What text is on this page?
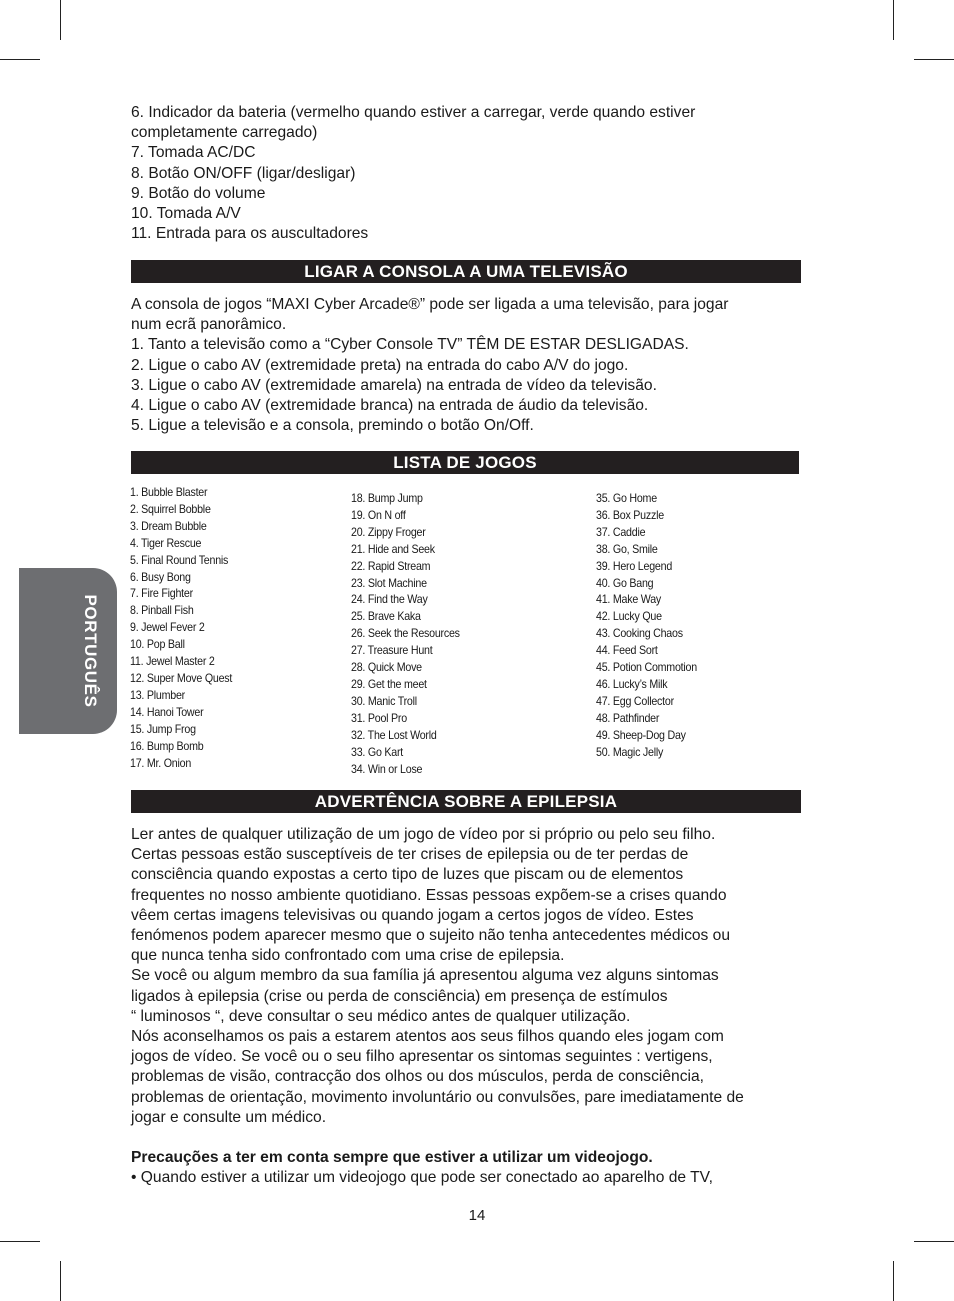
6. Indicador da bateria (vermelho quando estiver a carregar, verde quando estiver
completamente carregado)
7. Tomada AC/DC
8. Botão ON/OFF (ligar/desligar)
9. Botão do volume
10. Tomada A/V
11. Entrada para os auscultadores
LIGAR A CONSOLA A UMA TELEVISÃO
A consola de jogos “MAXI Cyber Arcade®” pode ser ligada a uma televisão, para jogar
num ecrã panorâmico.
1. Tanto a televisão como a “Cyber Console TV” TÊM DE ESTAR DESLIGADAS.
2. Ligue o cabo AV (extremidade preta) na entrada do cabo A/V do jogo.
3. Ligue o cabo AV (extremidade amarela) na entrada de vídeo da televisão.
4. Ligue o cabo AV (extremidade branca) na entrada de áudio da televisão.
5. Ligue a televisão e a consola, premindo o botão On/Off.
LISTA DE JOGOS
1. Bubble Blaster
2. Squirrel Bobble
3. Dream Bubble
4. Tiger Rescue
5. Final Round Tennis
6. Busy Bong
7. Fire Fighter
8. Pinball Fish
9. Jewel Fever 2
10. Pop Ball
11. Jewel Master 2
12. Super Move Quest
13. Plumber
14. Hanoi Tower
15. Jump Frog
16. Bump Bomb
17. Mr. Onion
18. Bump Jump
19. On N off
20. Zippy Froger
21. Hide and Seek
22. Rapid Stream
23. Slot Machine
24. Find the Way
25. Brave Kaka
26. Seek the Resources
27. Treasure Hunt
28. Quick Move
29. Get the meet
30. Manic Troll
31. Pool Pro
32. The Lost World
33. Go Kart
34. Win or Lose
35. Go Home
36. Box Puzzle
37. Caddie
38. Go, Smile
39. Hero Legend
40. Go Bang
41. Make Way
42. Lucky Que
43. Cooking Chaos
44. Feed Sort
45. Potion Commotion
46. Lucky’s Milk
47. Egg Collector
48. Pathfinder
49. Sheep-Dog Day
50. Magic Jelly
ADVERTÊNCIA SOBRE A EPILEPSIA
Ler antes de qualquer utilização de um jogo de vídeo por si próprio ou pelo seu filho.
Certas pessoas estão susceptíveis de ter crises de epilepsia ou de ter perdas de
consciência quando expostas a certo tipo de luzes que piscam ou de elementos
frequentes no nosso ambiente quotidiano. Essas pessoas expõem-se a crises quando
vêem certas imagens televisivas ou quando jogam a certos jogos de vídeo. Estes
fenómenos podem aparecer mesmo que o sujeito não tenha antecedentes médicos ou
que nunca tenha sido confrontado com uma crise de epilepsia.
Se você ou algum membro da sua família já apresentou alguma vez alguns sintomas
ligados à epilepsia (crise ou perda de consciência) em presença de estímulos
“ luminosos “, deve consultar o seu médico antes de qualquer utilização.
Nós aconselhamos os pais a estarem atentos aos seus filhos quando eles jogam com
jogos de vídeo. Se você ou o seu filho apresentar os sintomas seguintes : vertigens,
problemas de visão, contracção dos olhos ou dos músculos, perda de consciência,
problemas de orientação, movimento involuntário ou convulsões, pare imediatamente de
jogar e consulte um médico.

Precauções a ter em conta sempre que estiver a utilizar um videojogo.

• Quando estiver a utilizar um videojogo que pode ser conectado ao aparelho de TV,

PORTUGUÊS
14
